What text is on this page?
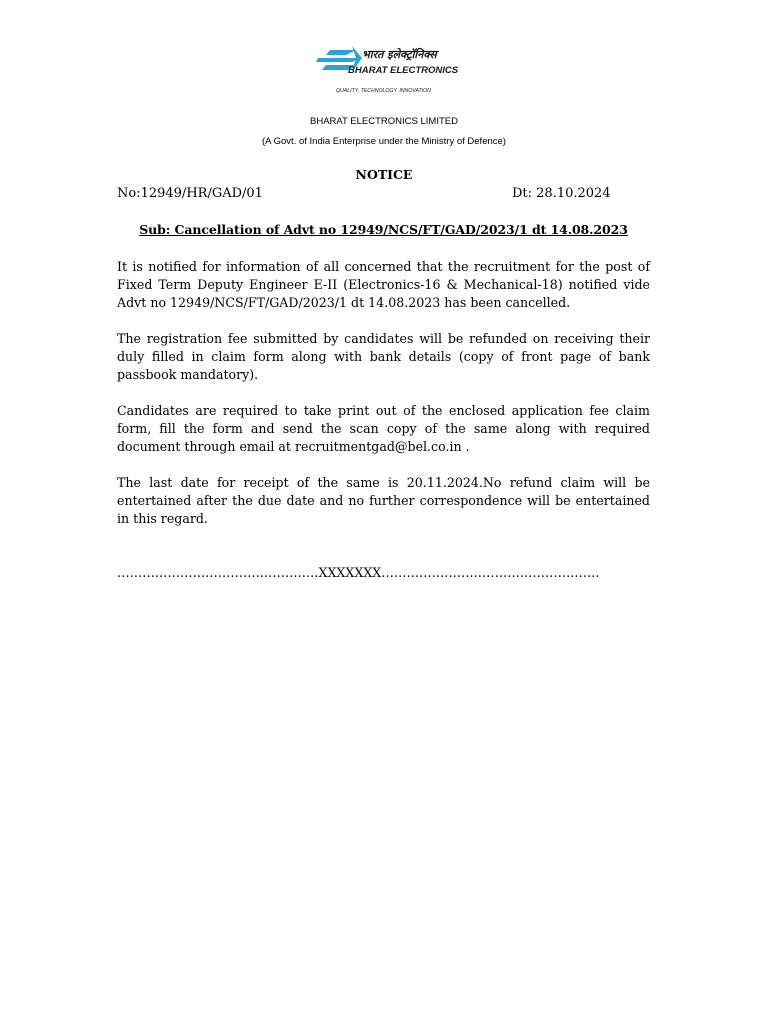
भारत इलेक्ट्रॉनिक्स
BHARAT ELECTRONICS
QUALITY. TECHNOLOGY. INNOVATION
BHARAT ELECTRONICS LIMITED
(A Govt. of India Enterprise under the Ministry of Defence)
NOTICE
No:12949/HR/GAD/01	Dt: 28.10.2024
Sub: Cancellation of Advt no 12949/NCS/FT/GAD/2023/1 dt 14.08.2023

It is notified for information of all concerned that the recruitment for the post of Fixed Term Deputy Engineer E-II (Electronics-16 & Mechanical-18) notified vide Advt no 12949/NCS/FT/GAD/2023/1 dt 14.08.2023 has been cancelled.

The registration fee submitted by candidates will be refunded on receiving their duly filled in claim form along with bank details (copy of front page of bank passbook mandatory).

Candidates are required to take print out of the enclosed application fee claim form, fill the form and send the scan copy of the same along with required document through email at recruitmentgad@bel.co.in .

The last date for receipt of the same is 20.11.2024.No refund claim will be entertained after the due date and no further correspondence will be entertained in this regard.

…………………………………………XXXXXXX…………………………………………….
